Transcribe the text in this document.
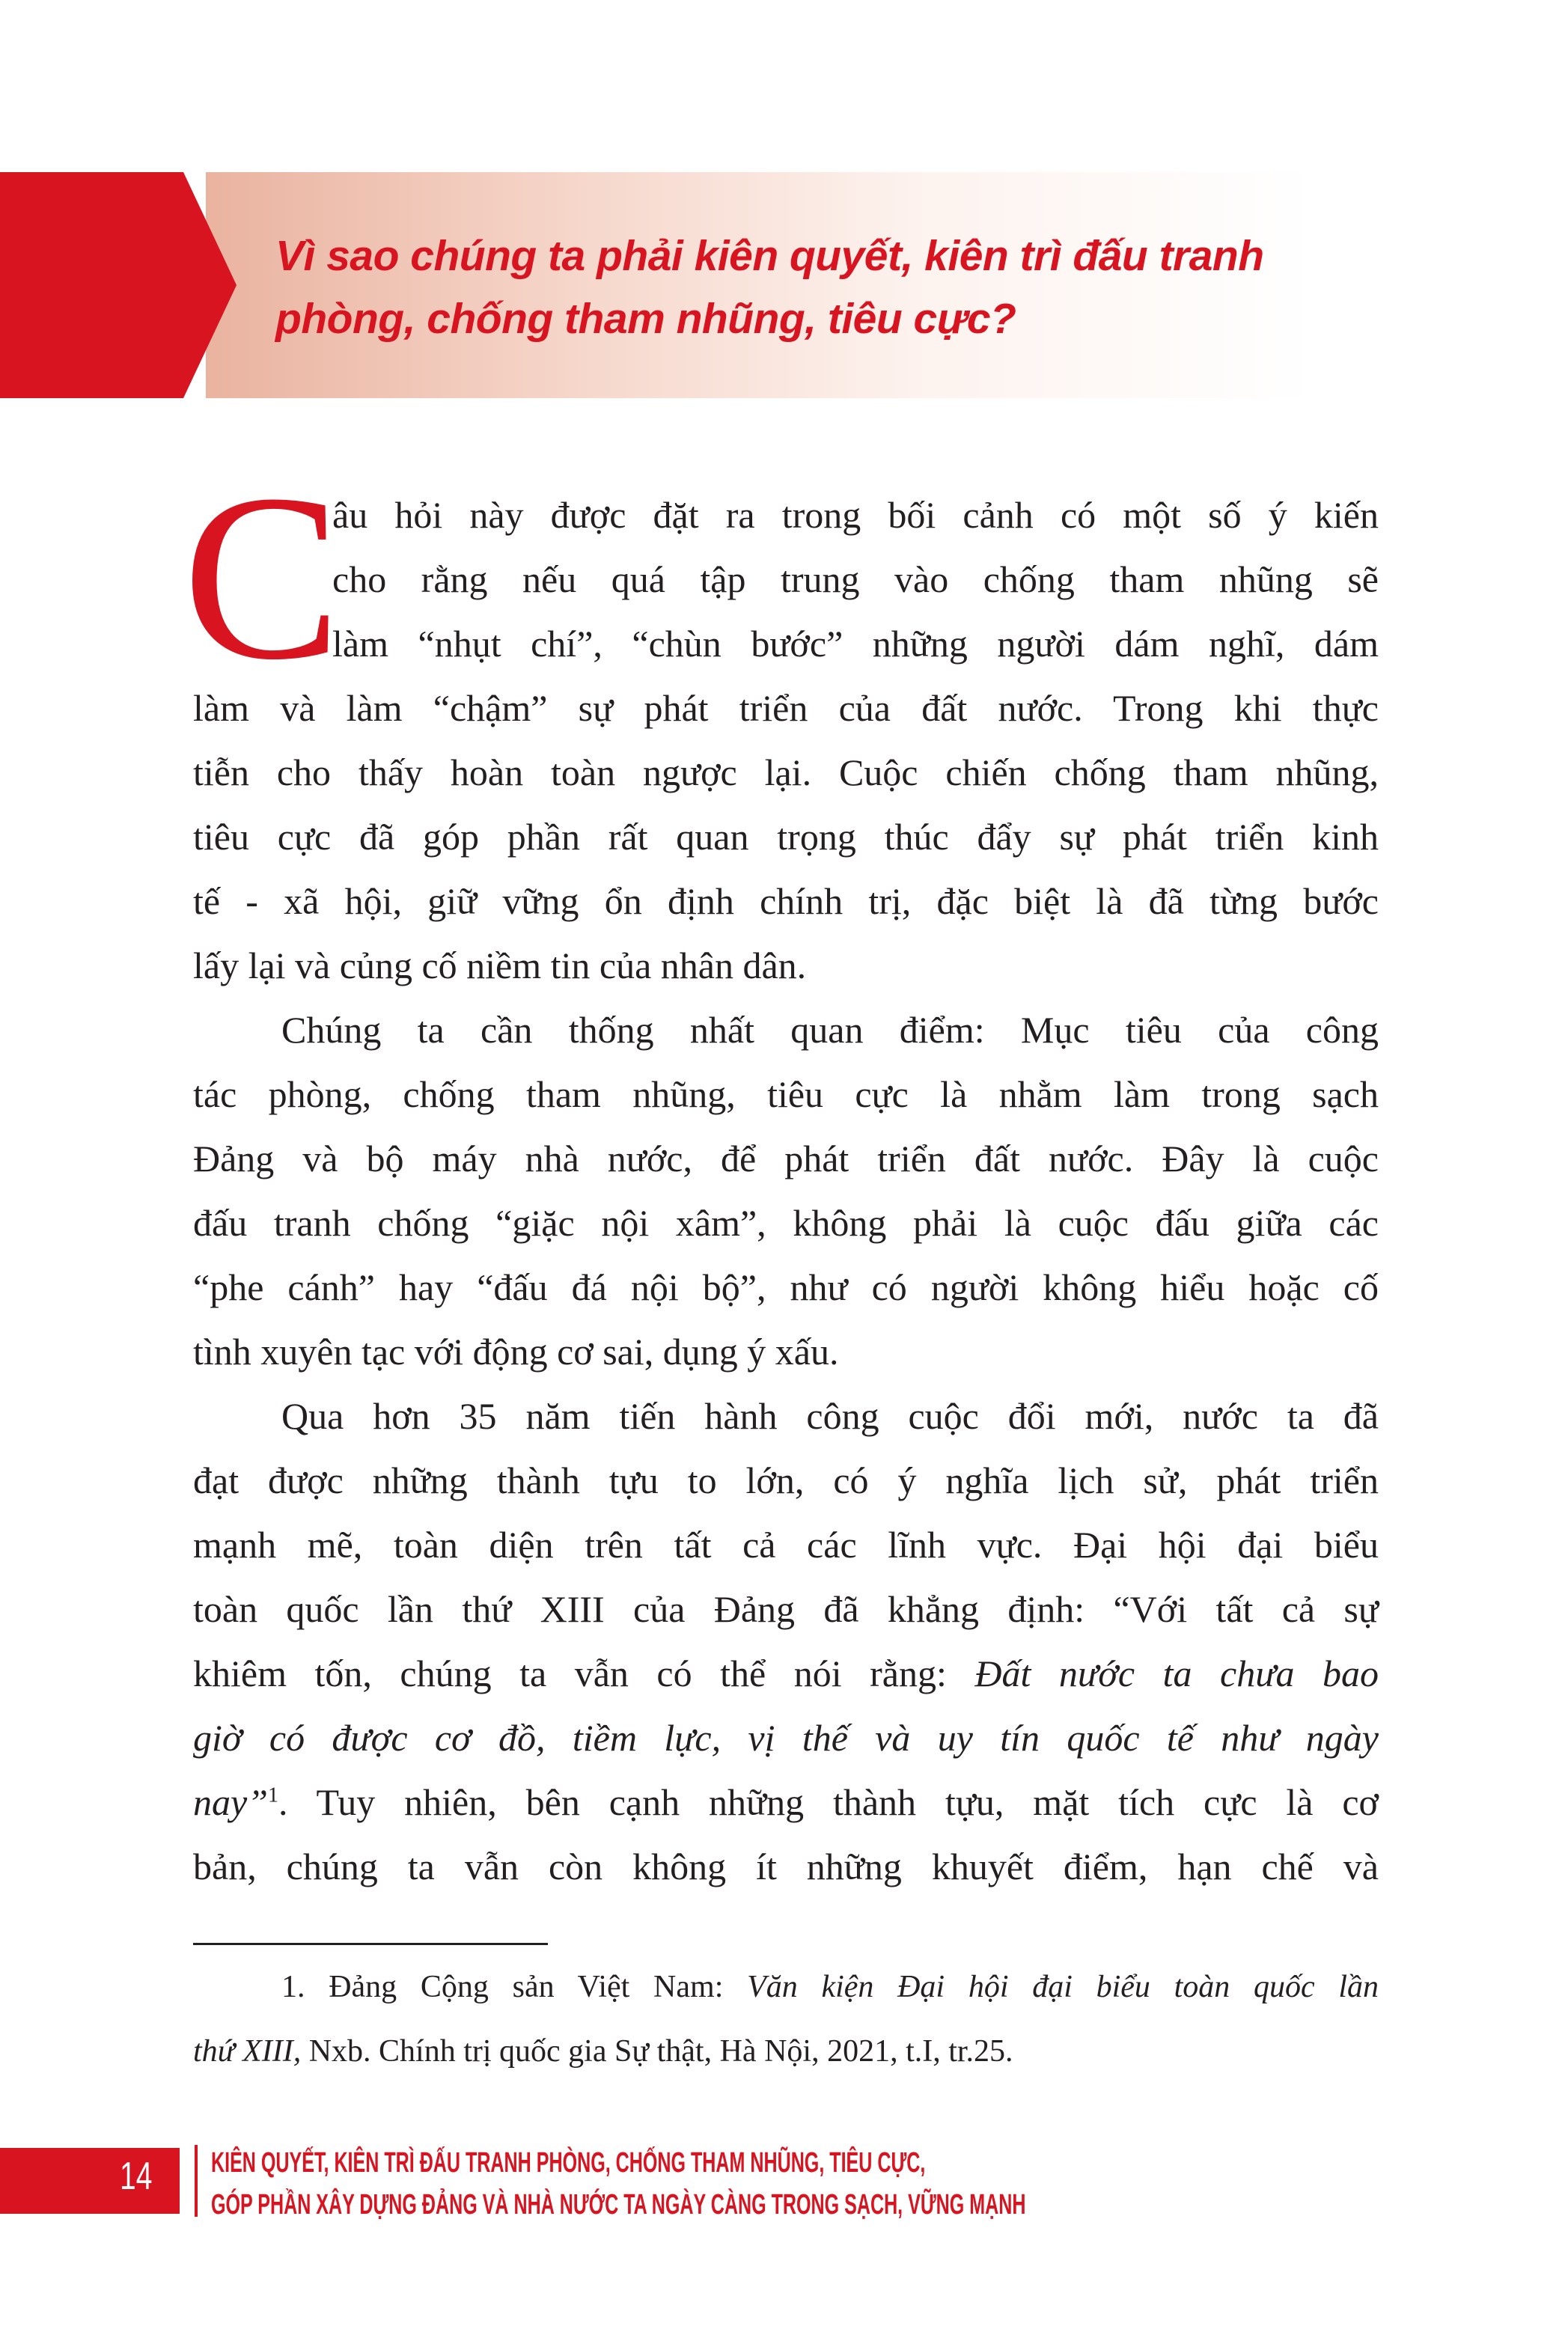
Vì sao chúng ta phải kiên quyết, kiên trì đấu tranh
phòng, chống tham nhũng, tiêu cực?
C
âu hỏi này được đặt ra trong bối cảnh có một số ý kiến
cho rằng nếu quá tập trung vào chống tham nhũng sẽ
làm “nhụt chí”, “chùn bước” những người dám nghĩ, dám
làm và làm “chậm” sự phát triển của đất nước. Trong khi thực
tiễn cho thấy hoàn toàn ngược lại. Cuộc chiến chống tham nhũng,
tiêu cực đã góp phần rất quan trọng thúc đẩy sự phát triển kinh
tế - xã hội, giữ vững ổn định chính trị, đặc biệt là đã từng bước
lấy lại và củng cố niềm tin của nhân dân.
Chúng ta cần thống nhất quan điểm: Mục tiêu của công
tác phòng, chống tham nhũng, tiêu cực là nhằm làm trong sạch
Đảng và bộ máy nhà nước, để phát triển đất nước. Đây là cuộc
đấu tranh chống “giặc nội xâm”, không phải là cuộc đấu giữa các
“phe cánh” hay “đấu đá nội bộ”, như có người không hiểu hoặc cố
tình xuyên tạc với động cơ sai, dụng ý xấu.
Qua hơn 35 năm tiến hành công cuộc đổi mới, nước ta đã
đạt được những thành tựu to lớn, có ý nghĩa lịch sử, phát triển
mạnh mẽ, toàn diện trên tất cả các lĩnh vực. Đại hội đại biểu
toàn quốc lần thứ XIII của Đảng đã khẳng định: “Với tất cả sự
khiêm tốn, chúng ta vẫn có thể nói rằng: Đất nước ta chưa bao
giờ có được cơ đồ, tiềm lực, vị thế và uy tín quốc tế như ngày
nay”$^1$. Tuy nhiên, bên cạnh những thành tựu, mặt tích cực là cơ
bản, chúng ta vẫn còn không ít những khuyết điểm, hạn chế và
1. Đảng Cộng sản Việt Nam: Văn kiện Đại hội đại biểu toàn quốc lần
thứ XIII, Nxb. Chính trị quốc gia Sự thật, Hà Nội, 2021, t.I, tr.25.
14 KIÊN QUYẾT, KIÊN TRÌ ĐẤU TRANH PHÒNG, CHỐNG THAM NHŨNG, TIÊU CỰC,
GÓP PHẦN XÂY DỰNG ĐẢNG VÀ NHÀ NƯỚC TA NGÀY CÀNG TRONG SẠCH, VỮNG MẠNH
